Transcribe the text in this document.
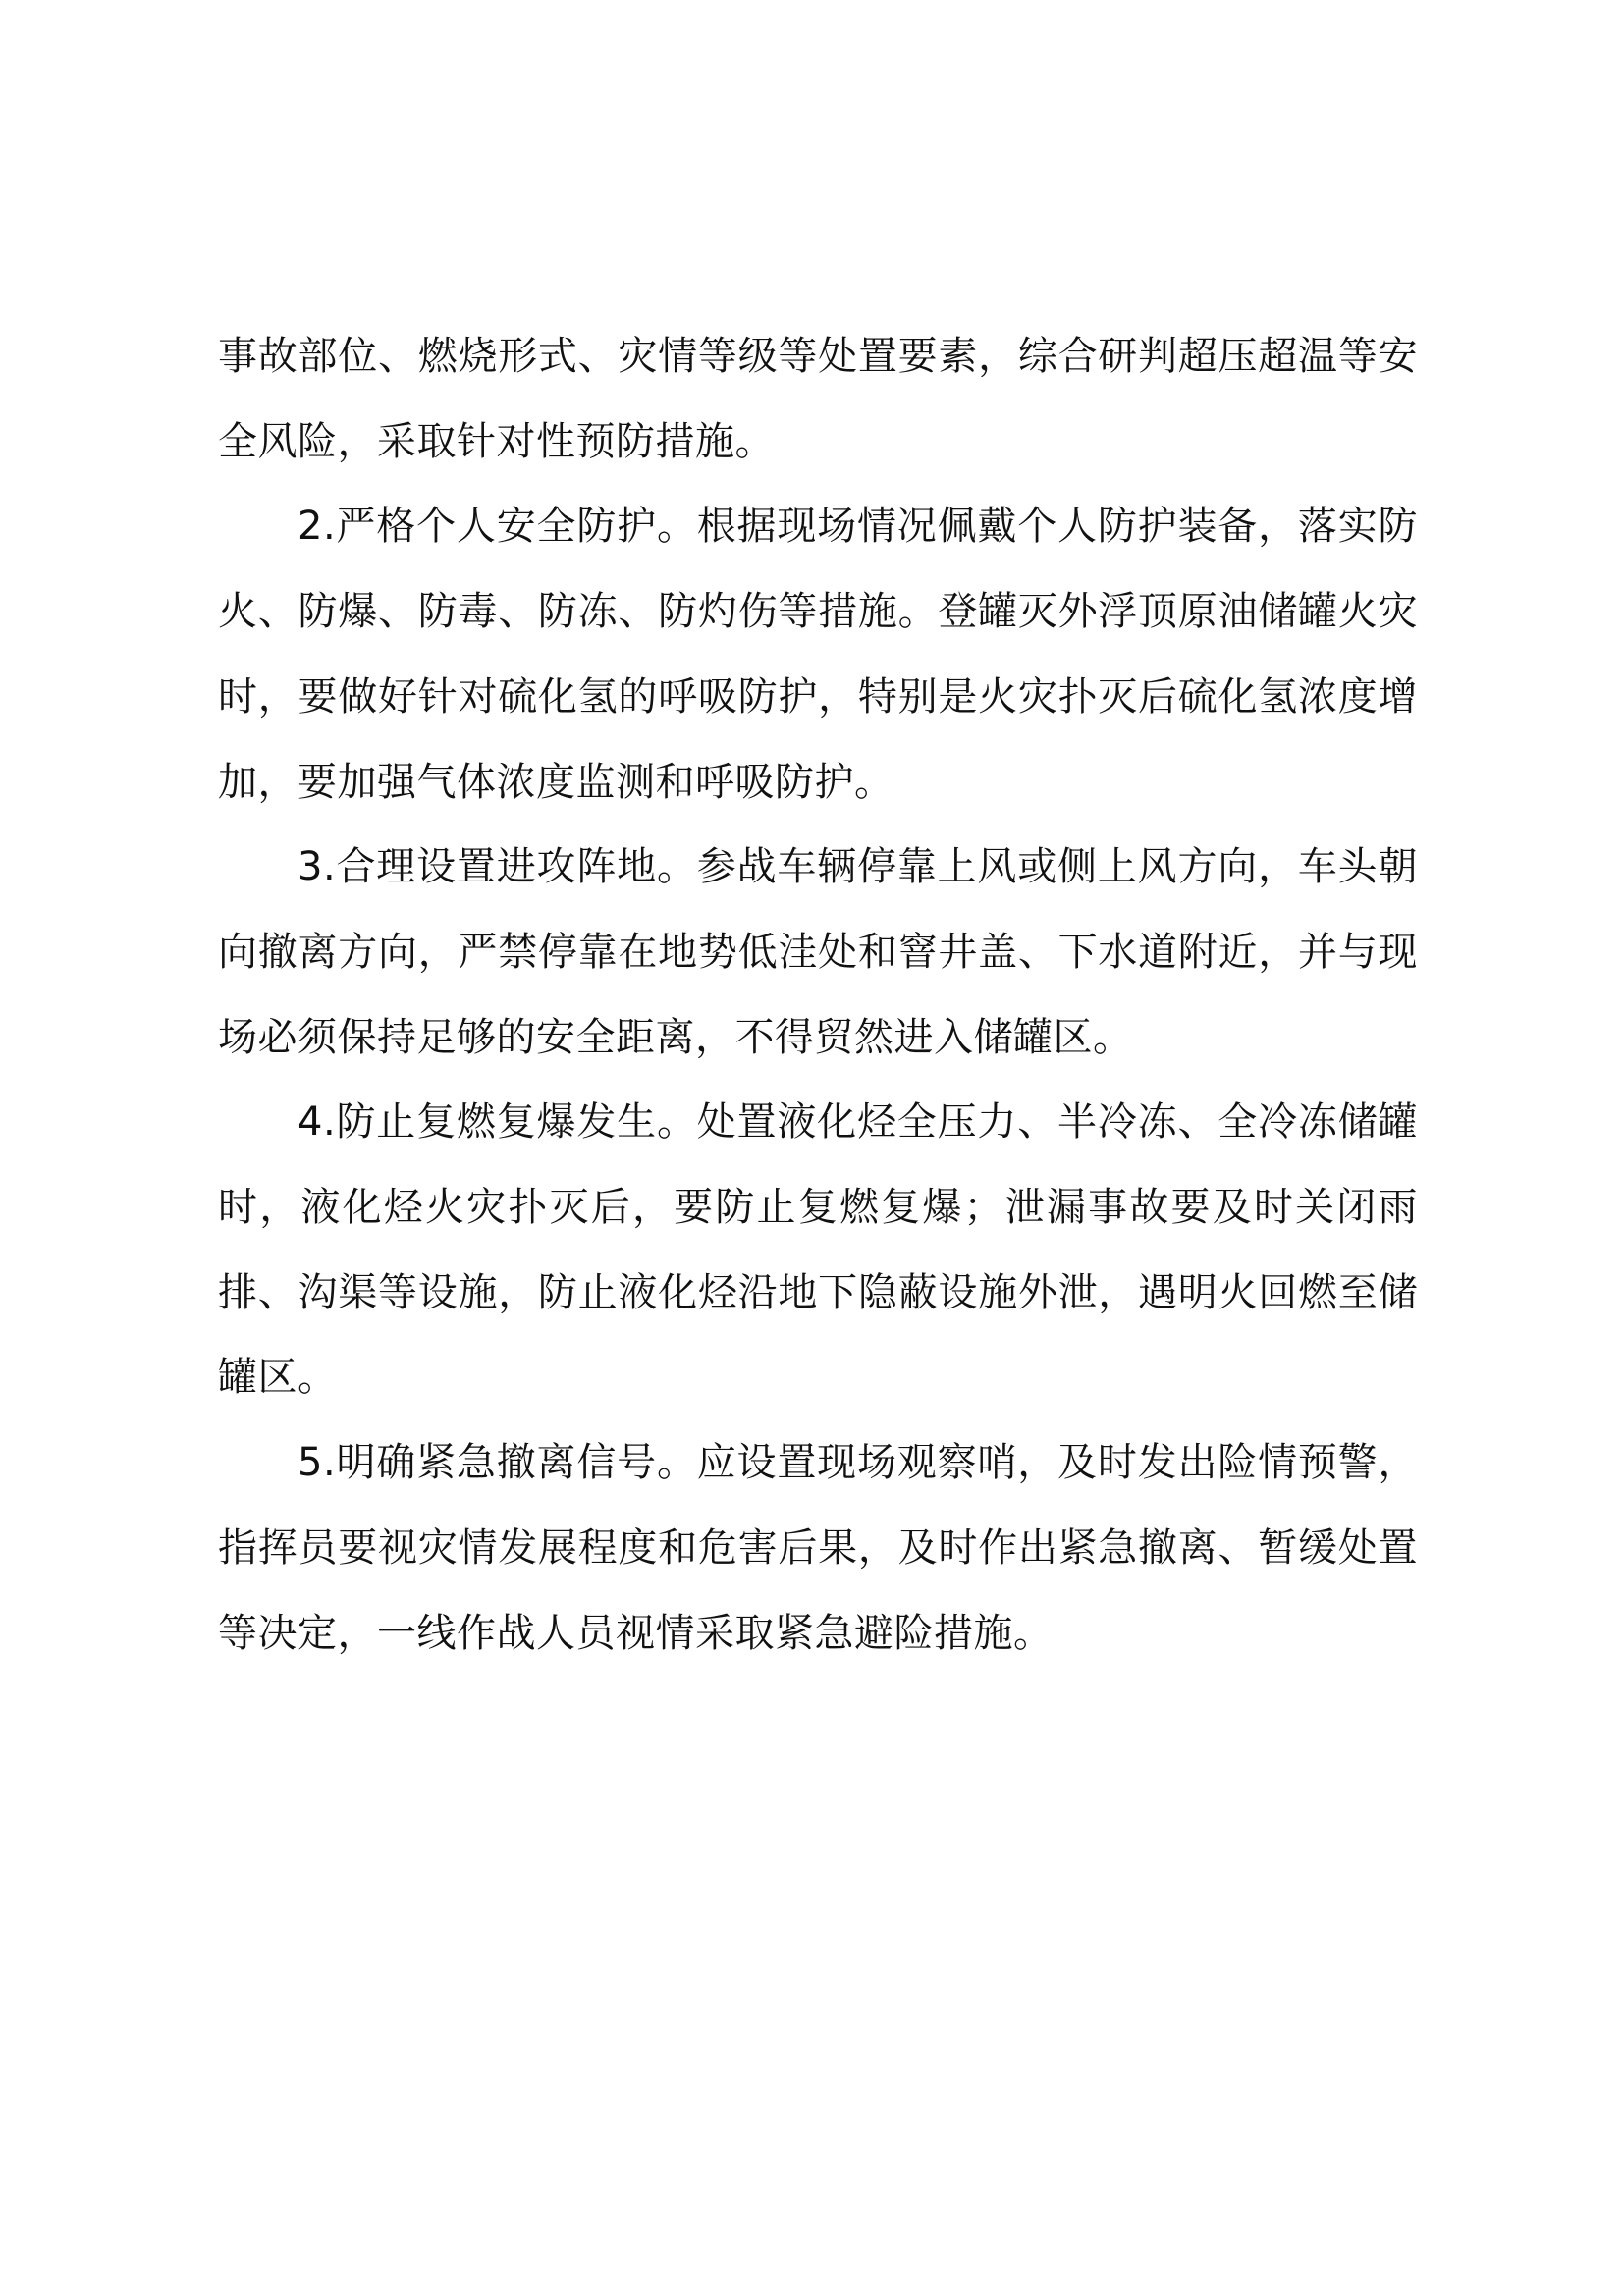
事故部位、燃烧形式、灾情等级等处置要素，综合研判超压超温等安全风险，采取针对性预防措施。

2.严格个人安全防护。根据现场情况佩戴个人防护装备，落实防火、防爆、防毒、防冻、防灼伤等措施。登罐灭外浮顶原油储罐火灾时，要做好针对硫化氢的呼吸防护，特别是火灾扑灭后硫化氢浓度增加，要加强气体浓度监测和呼吸防护。

3.合理设置进攻阵地。参战车辆停靠上风或侧上风方向，车头朝向撤离方向，严禁停靠在地势低洼处和窨井盖、下水道附近，并与现场必须保持足够的安全距离，不得贸然进入储罐区。

4.防止复燃复爆发生。处置液化烃全压力、半冷冻、全冷冻储罐时，液化烃火灾扑灭后，要防止复燃复爆；泄漏事故要及时关闭雨排、沟渠等设施，防止液化烃沿地下隐蔽设施外泄，遇明火回燃至储罐区。

5.明确紧急撤离信号。应设置现场观察哨，及时发出险情预警，指挥员要视灾情发展程度和危害后果，及时作出紧急撤离、暂缓处置等决定，一线作战人员视情采取紧急避险措施。
